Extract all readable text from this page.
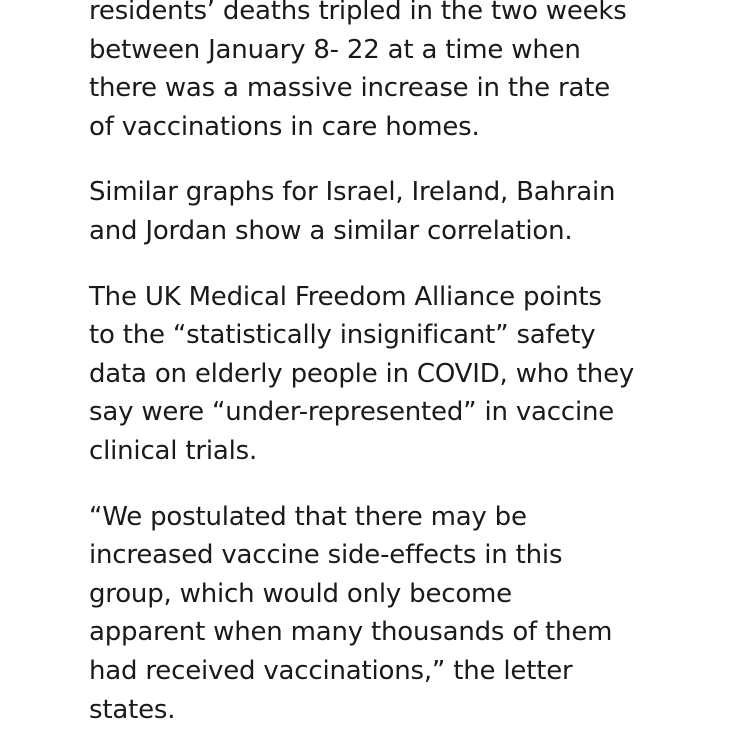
residents’ deaths tripled in the two weeks
between January 8- 22 at a time when
there was a massive increase in the rate
of vaccinations in care homes.

Similar graphs for Israel, Ireland, Bahrain
and Jordan show a similar correlation.

The UK Medical Freedom Alliance points
to the “statistically insignificant” safety
data on elderly people in COVID, who they
say were “under-represented” in vaccine
clinical trials.

“We postulated that there may be
increased vaccine side-effects in this
group, which would only become
apparent when many thousands of them
had received vaccinations,” the letter
states.
